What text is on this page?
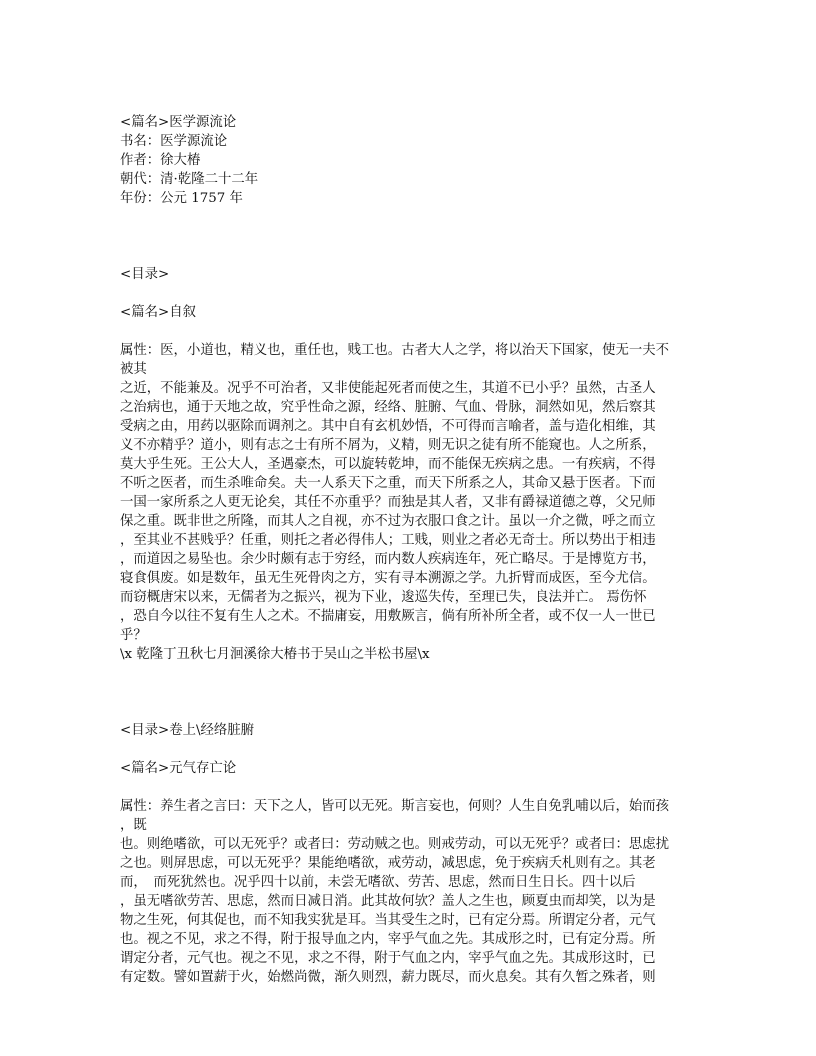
<篇名>医学源流论
书名：医学源流论
作者：徐大椿
朝代：清·乾隆二十二年
年份：公元 1757 年
<目录>
<篇名>自叙
属性：医，小道也，精义也，重任也，贱工也。古者大人之学，将以治天下国家，使无一夫不
被其
之近，不能兼及。况乎不可治者，又非使能起死者而使之生，其道不已小乎？虽然，古圣人
之治病也，通于天地之故，究乎性命之源，经络、脏腑、气血、骨脉，洞然如见，然后察其
受病之由，用药以驱除而调剂之。其中自有玄机妙悟，不可得而言喻者，盖与造化相维，其
义不亦精乎？道小，则有志之士有所不屑为，义精，则无识之徒有所不能窥也。人之所系，
莫大乎生死。王公大人，圣遇豪杰，可以旋转乾坤，而不能保无疾病之患。一有疾病，不得
不听之医者，而生杀唯命矣。夫一人系天下之重，而天下所系之人，其命又悬于医者。下而
一国一家所系之人更无论矣，其任不亦重乎？而独是其人者，又非有爵禄道德之尊，父兄师
保之重。既非世之所隆，而其人之自视，亦不过为衣服口食之计。虽以一介之微，呼之而立
，至其业不甚贱乎？任重，则托之者必得伟人；工贱，则业之者必无奇士。所以势出于相违
，而道因之易坠也。余少时颇有志于穷经，而内数人疾病连年，死亡略尽。于是博览方书，
寝食俱废。如是数年，虽无生死骨肉之方，实有寻本溯源之学。九折臂而成医，至今尤信。
而窃概唐宋以来，无儒者为之振兴，视为下业，逡巡失传，至理已失，良法并亡。 焉伤怀
，恐自今以往不复有生人之术。不揣庸妄，用敷厥言，倘有所补所全者，或不仅一人一世已
乎？
\x 乾隆丁丑秋七月洄溪徐大椿书于吴山之半松书屋\x
<目录>卷上\经络脏腑
<篇名>元气存亡论
属性：养生者之言曰：天下之人，皆可以无死。斯言妄也，何则？人生自免乳哺以后，始而孩
，既
也。则绝嗜欲，可以无死乎？或者曰：劳动贼之也。则戒劳动，可以无死乎？或者曰：思虑扰
之也。则屏思虑，可以无死乎？果能绝嗜欲，戒劳动，减思虑，免于疾病夭札则有之。其老
而，　而死犹然也。况乎四十以前，未尝无嗜欲、劳苦、思虑，然而日生日长。四十以后
，虽无嗜欲劳苦、思虑，然而日减日消。此其故何欤？盖人之生也，顾夏虫而却笑，以为是
物之生死，何其促也，而不知我实犹是耳。当其受生之时，已有定分焉。所谓定分者，元气
也。视之不见，求之不得，附于报导血之内，宰乎气血之先。其成形之时，已有定分焉。所
谓定分者，元气也。视之不见，求之不得，附于气血之内，宰乎气血之先。其成形这时，已
有定数。譬如置薪于火，始燃尚微，渐久则烈，薪力既尽，而火息矣。其有久暂之殊者，则
